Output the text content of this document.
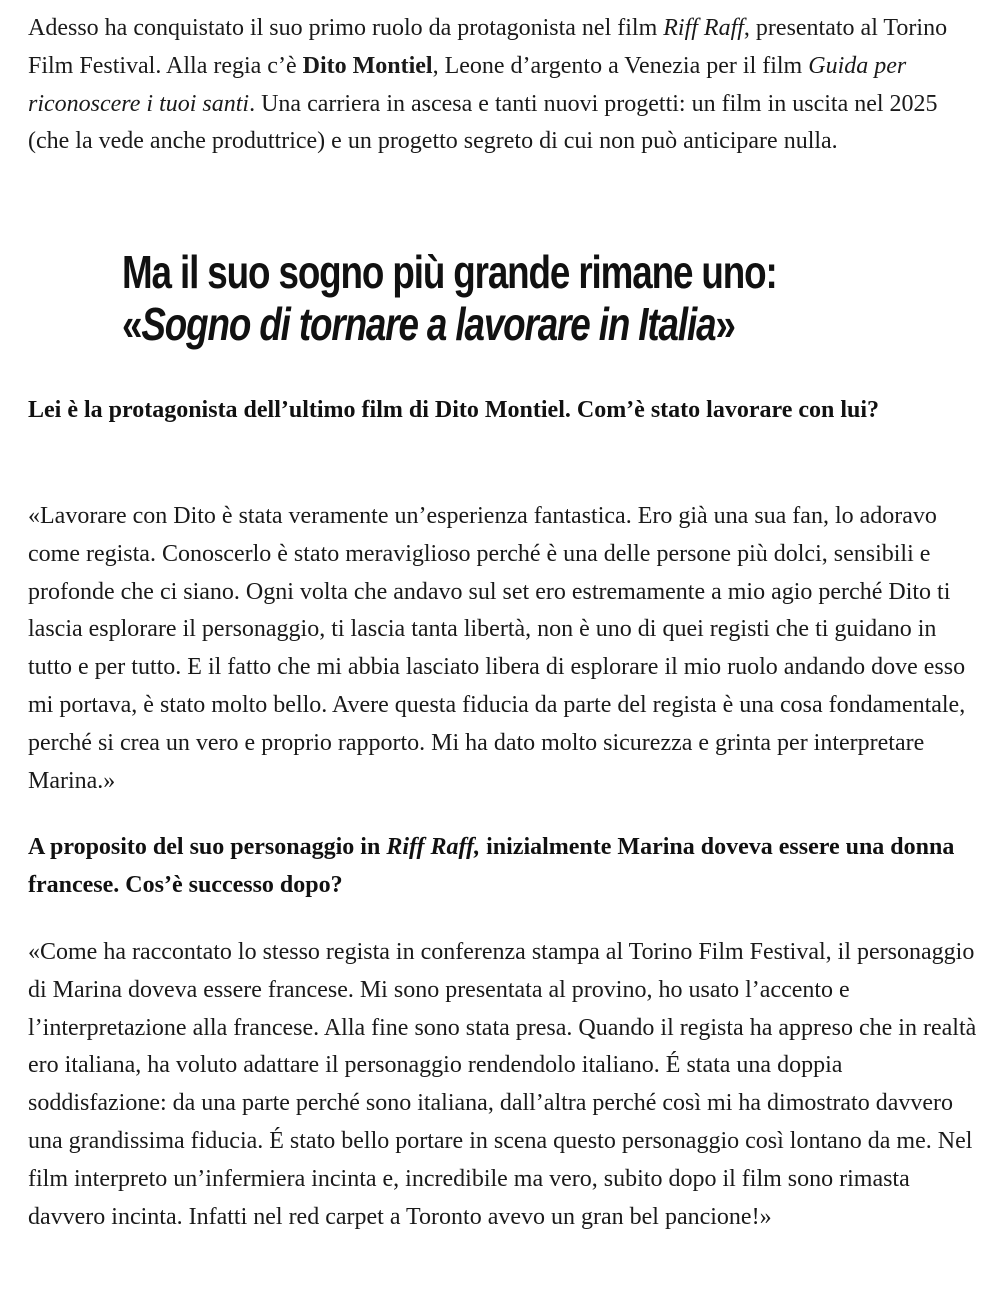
Adesso ha conquistato il suo primo ruolo da protagonista nel film Riff Raff, presentato al Torino Film Festival. Alla regia c’è Dito Montiel, Leone d’argento a Venezia per il film Guida per riconoscere i tuoi santi. Una carriera in ascesa e tanti nuovi progetti: un film in uscita nel 2025 (che la vede anche produttrice) e un progetto segreto di cui non può anticipare nulla.

Ma il suo sogno più grande rimane uno:
«Sogno di tornare a lavorare in Italia»

Lei è la protagonista dell’ultimo film di Dito Montiel. Com’è stato lavorare con lui?

«Lavorare con Dito è stata veramente un’esperienza fantastica. Ero già una sua fan, lo adoravo come regista. Conoscerlo è stato meraviglioso perché è una delle persone più dolci, sensibili e profonde che ci siano. Ogni volta che andavo sul set ero estremamente a mio agio perché Dito ti lascia esplorare il personaggio, ti lascia tanta libertà, non è uno di quei registi che ti guidano in tutto e per tutto. E il fatto che mi abbia lasciato libera di esplorare il mio ruolo andando dove esso mi portava, è stato molto bello. Avere questa fiducia da parte del regista è una cosa fondamentale, perché si crea un vero e proprio rapporto. Mi ha dato molto sicurezza e grinta per interpretare Marina.»

A proposito del suo personaggio in Riff Raff, inizialmente Marina doveva essere una donna francese. Cos’è successo dopo?

«Come ha raccontato lo stesso regista in conferenza stampa al Torino Film Festival, il personaggio di Marina doveva essere francese. Mi sono presentata al provino, ho usato l’accento e l’interpretazione alla francese. Alla fine sono stata presa. Quando il regista ha appreso che in realtà ero italiana, ha voluto adattare il personaggio rendendolo italiano. É stata una doppia soddisfazione: da una parte perché sono italiana, dall’altra perché così mi ha dimostrato davvero una grandissima fiducia. É stato bello portare in scena questo personaggio così lontano da me. Nel film interpreto un’infermiera incinta e, incredibile ma vero, subito dopo il film sono rimasta davvero incinta. Infatti nel red carpet a Toronto avevo un gran bel pancione!»
